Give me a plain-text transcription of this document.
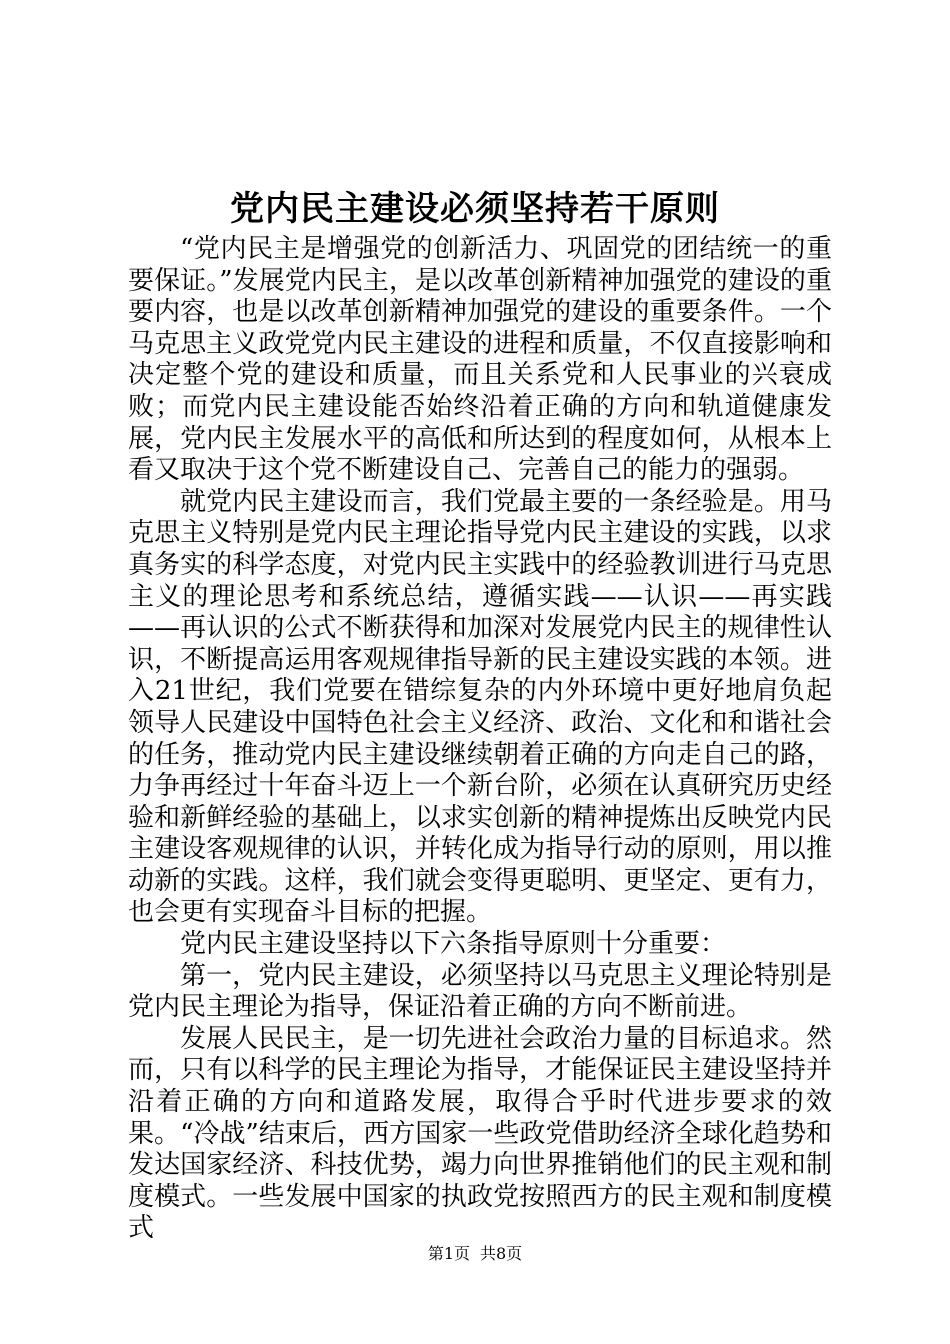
党内民主建设必须坚持若干原则

“党内民主是增强党的创新活力、巩固党的团结统一的重要保证。”发展党内民主，是以改革创新精神加强党的建设的重要内容，也是以改革创新精神加强党的建设的重要条件。一个马克思主义政党党内民主建设的进程和质量，不仅直接影响和决定整个党的建设和质量，而且关系党和人民事业的兴衰成败；而党内民主建设能否始终沿着正确的方向和轨道健康发展，党内民主发展水平的高低和所达到的程度如何，从根本上看又取决于这个党不断建设自己、完善自己的能力的强弱。

就党内民主建设而言，我们党最主要的一条经验是。用马克思主义特别是党内民主理论指导党内民主建设的实践，以求真务实的科学态度，对党内民主实践中的经验教训进行马克思主义的理论思考和系统总结，遵循实践——认识——再实践——再认识的公式不断获得和加深对发展党内民主的规律性认识，不断提高运用客观规律指导新的民主建设实践的本领。进入21世纪，我们党要在错综复杂的内外环境中更好地肩负起领导人民建设中国特色社会主义经济、政治、文化和和谐社会的任务，推动党内民主建设继续朝着正确的方向走自己的路，力争再经过十年奋斗迈上一个新台阶，必须在认真研究历史经验和新鲜经验的基础上，以求实创新的精神提炼出反映党内民主建设客观规律的认识，并转化成为指导行动的原则，用以推动新的实践。这样，我们就会变得更聪明、更坚定、更有力，也会更有实现奋斗目标的把握。

党内民主建设坚持以下六条指导原则十分重要：

第一，党内民主建设，必须坚持以马克思主义理论特别是党内民主理论为指导，保证沿着正确的方向不断前进。

发展人民民主，是一切先进社会政治力量的目标追求。然而，只有以科学的民主理论为指导，才能保证民主建设坚持并沿着正确的方向和道路发展，取得合乎时代进步要求的效果。“冷战”结束后，西方国家一些政党借助经济全球化趋势和发达国家经济、科技优势，竭力向世界推销他们的民主观和制度模式。一些发展中国家的执政党按照西方的民主观和制度模式

第1页 共8页
